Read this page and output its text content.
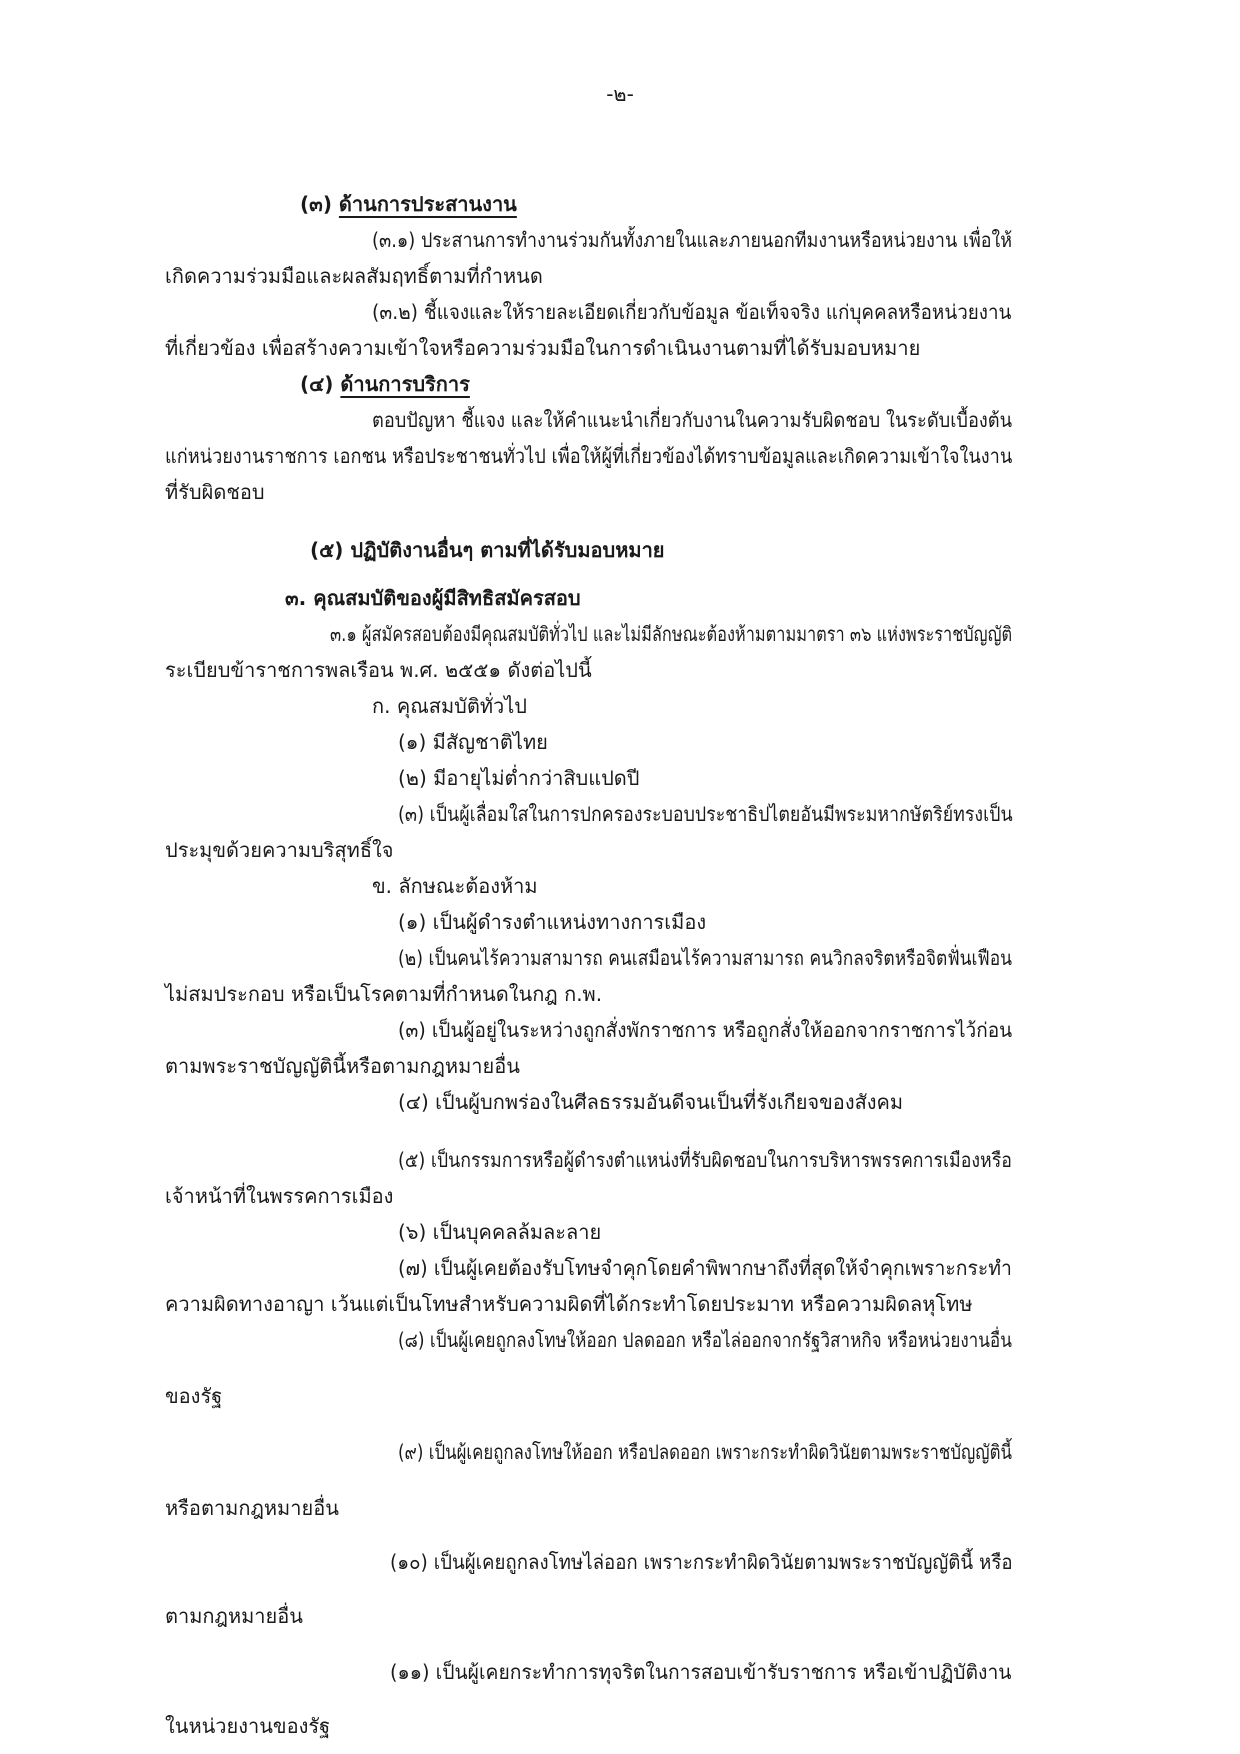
-๒-
(๓) ด้านการประสานงาน
(๓.๑) ประสานการทำงานร่วมกันทั้งภายในและภายนอกทีมงานหรือหน่วยงาน เพื่อให้
เกิดความร่วมมือและผลสัมฤทธิ์ตามที่กำหนด
(๓.๒) ชี้แจงและให้รายละเอียดเกี่ยวกับข้อมูล ข้อเท็จจริง แก่บุคคลหรือหน่วยงาน
ที่เกี่ยวข้อง เพื่อสร้างความเข้าใจหรือความร่วมมือในการดำเนินงานตามที่ได้รับมอบหมาย
(๔) ด้านการบริการ
ตอบปัญหา ชี้แจง และให้คำแนะนำเกี่ยวกับงานในความรับผิดชอบ ในระดับเบื้องต้น
แก่หน่วยงานราชการ เอกชน หรือประชาชนทั่วไป เพื่อให้ผู้ที่เกี่ยวข้องได้ทราบข้อมูลและเกิดความเข้าใจในงาน
ที่รับผิดชอบ
(๕) ปฏิบัติงานอื่นๆ ตามที่ได้รับมอบหมาย
๓. คุณสมบัติของผู้มีสิทธิสมัครสอบ
๓.๑ ผู้สมัครสอบต้องมีคุณสมบัติทั่วไป และไม่มีลักษณะต้องห้ามตามมาตรา ๓๖ แห่งพระราชบัญญัติ
ระเบียบข้าราชการพลเรือน พ.ศ. ๒๕๕๑ ดังต่อไปนี้
ก. คุณสมบัติทั่วไป
(๑) มีสัญชาติไทย
(๒) มีอายุไม่ต่ำกว่าสิบแปดปี
(๓) เป็นผู้เลื่อมใสในการปกครองระบอบประชาธิปไตยอันมีพระมหากษัตริย์ทรงเป็น
ประมุขด้วยความบริสุทธิ์ใจ
ข. ลักษณะต้องห้าม
(๑) เป็นผู้ดำรงตำแหน่งทางการเมือง
(๒) เป็นคนไร้ความสามารถ คนเสมือนไร้ความสามารถ คนวิกลจริตหรือจิตฟั่นเฟือน
ไม่สมประกอบ หรือเป็นโรคตามที่กำหนดในกฎ ก.พ.
(๓) เป็นผู้อยู่ในระหว่างถูกสั่งพักราชการ หรือถูกสั่งให้ออกจากราชการไว้ก่อน
ตามพระราชบัญญัตินี้หรือตามกฎหมายอื่น
(๔) เป็นผู้บกพร่องในศีลธรรมอันดีจนเป็นที่รังเกียจของสังคม
(๕) เป็นกรรมการหรือผู้ดำรงตำแหน่งที่รับผิดชอบในการบริหารพรรคการเมืองหรือ
เจ้าหน้าที่ในพรรคการเมือง
(๖) เป็นบุคคลล้มละลาย
(๗) เป็นผู้เคยต้องรับโทษจำคุกโดยคำพิพากษาถึงที่สุดให้จำคุกเพราะกระทำ
ความผิดทางอาญา เว้นแต่เป็นโทษสำหรับความผิดที่ได้กระทำโดยประมาท หรือความผิดลหุโทษ
(๘) เป็นผู้เคยถูกลงโทษให้ออก ปลดออก หรือไล่ออกจากรัฐวิสาหกิจ หรือหน่วยงานอื่น
ของรัฐ
(๙) เป็นผู้เคยถูกลงโทษให้ออก หรือปลดออก เพราะกระทำผิดวินัยตามพระราชบัญญัตินี้
หรือตามกฎหมายอื่น
(๑๐) เป็นผู้เคยถูกลงโทษไล่ออก เพราะกระทำผิดวินัยตามพระราชบัญญัตินี้ หรือ
ตามกฎหมายอื่น
(๑๑) เป็นผู้เคยกระทำการทุจริตในการสอบเข้ารับราชการ หรือเข้าปฏิบัติงาน
ในหน่วยงานของรัฐ
